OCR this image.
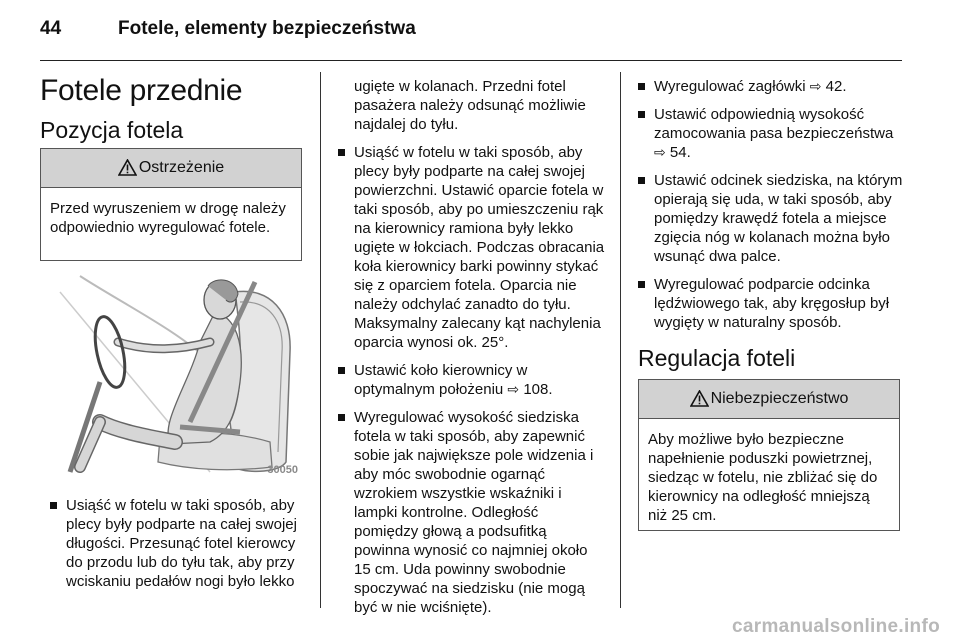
44	Fotele, elementy bezpieczeństwa
Fotele przednie
Pozycja fotela
Ostrzeżenie
Przed wyruszeniem w drogę należy odpowiednio wyregulować fotele.
30050
Usiąść w fotelu w taki sposób, aby plecy były podparte na całej swojej długości. Przesunąć fotel kierowcy do przodu lub do tyłu tak, aby przy wciskaniu pedałów nogi było lekko
ugięte w kolanach. Przedni fotel pasażera należy odsunąć możliwie najdalej do tyłu.
Usiąść w fotelu w taki sposób, aby plecy były podparte na całej swojej powierzchni. Ustawić oparcie fotela w taki sposób, aby po umieszczeniu rąk na kierownicy ramiona były lekko ugięte w łokciach. Podczas obracania koła kierownicy barki powinny stykać się z oparciem fotela. Oparcia nie należy odchylać zanadto do tyłu. Maksymalny zalecany kąt nachylenia oparcia wynosi ok. 25°.
Ustawić koło kierownicy w optymalnym położeniu ⇨ 108.
Wyregulować wysokość siedziska fotela w taki sposób, aby zapewnić sobie jak największe pole widzenia i aby móc swobodnie ogarnąć wzrokiem wszystkie wskaźniki i lampki kontrolne. Odległość pomiędzy głową a podsufitką powinna wynosić co najmniej około 15 cm. Uda powinny swobodnie spoczywać na siedzisku (nie mogą być w nie wciśnięte).
Wyregulować zagłówki ⇨ 42.
Ustawić odpowiednią wysokość zamocowania pasa bezpieczeństwa ⇨ 54.
Ustawić odcinek siedziska, na którym opierają się uda, w taki sposób, aby pomiędzy krawędź fotela a miejsce zgięcia nóg w kolanach można było wsunąć dwa palce.
Wyregulować podparcie odcinka lędźwiowego tak, aby kręgosłup był wygięty w naturalny sposób.
Regulacja foteli
Niebezpieczeństwo
Aby możliwe było bezpieczne napełnienie poduszki powietrznej, siedząc w fotelu, nie zbliżać się do kierownicy na odległość mniejszą niż 25 cm.
carmanualsonline.info
